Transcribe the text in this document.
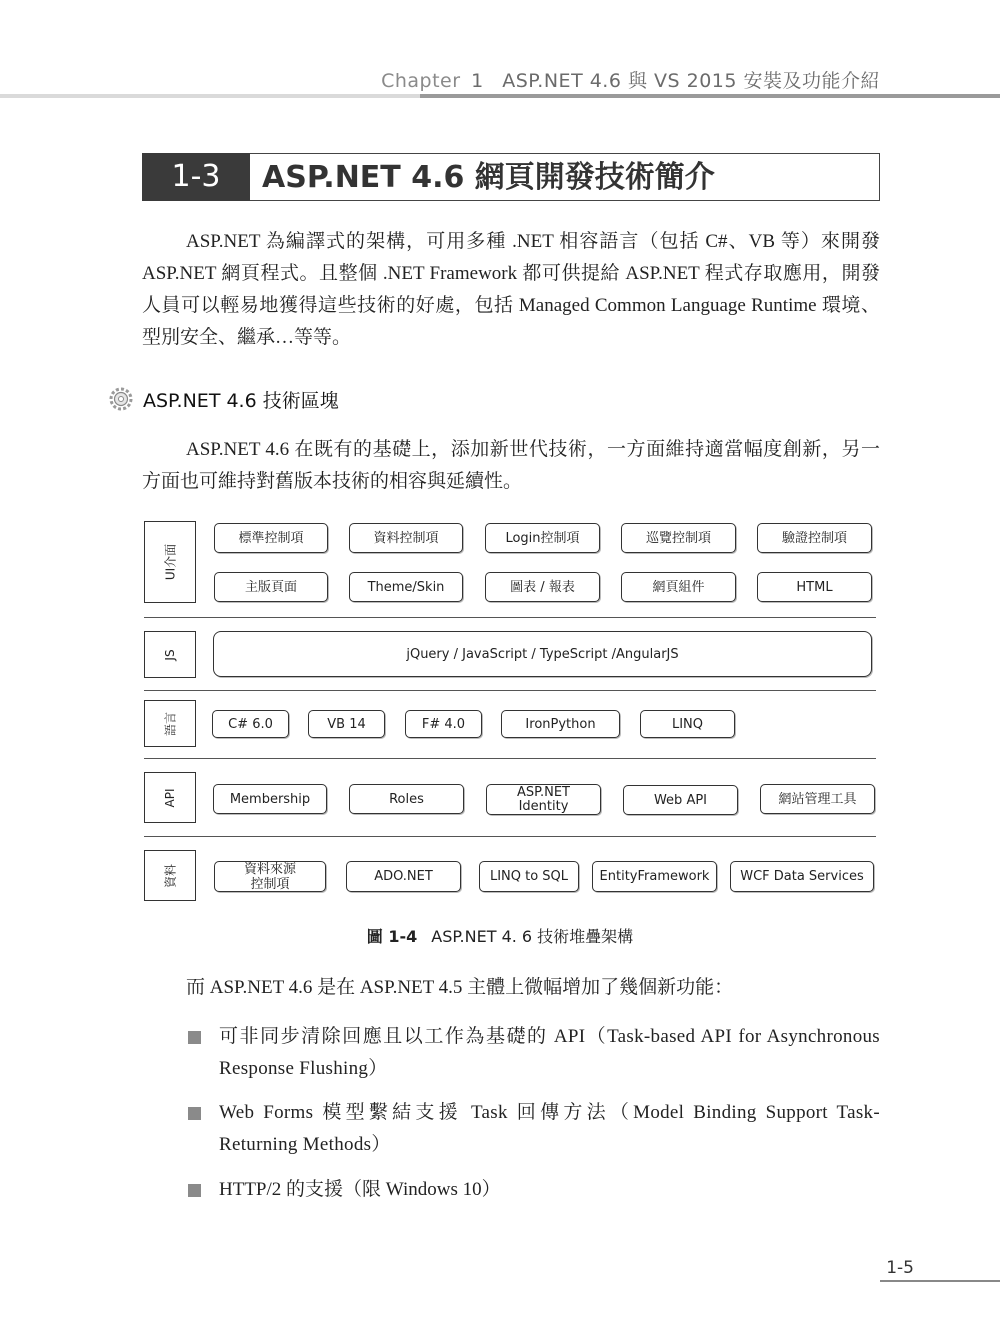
Chapter 1 ASP.NET 4.6 與 VS 2015 安裝及功能介紹
1-3	ASP.NET 4.6 網頁開發技術簡介
ASP.NET 為編譯式的架構，可用多種 .NET 相容語言（包括 C#、VB 等）來開發 ASP.NET 網頁程式。且整個 .NET Framework 都可供提給 ASP.NET 程式存取應用，開發人員可以輕易地獲得這些技術的好處，包括 Managed Common Language Runtime 環境、型別安全、繼承…等等。
ASP.NET 4.6 技術區塊
ASP.NET 4.6 在既有的基礎上，添加新世代技術，一方面維持適當幅度創新，另一方面也可維持對舊版本技術的相容與延續性。
UI介面
標準控制項	資料控制項	Login控制項	巡覽控制項	驗證控制項
主版頁面	Theme/Skin	圖表 / 報表	網頁組件	HTML
JS	jQuery / JavaScript / TypeScript /AngularJS
語言	C# 6.0	VB 14	F# 4.0	IronPython	LINQ
API	Membership	Roles	ASP.NET Identity	Web API	網站管理工具
資料	資料來源 控制項	ADO.NET	LINQ to SQL	EntityFramework	WCF Data Services
圖 1-4 ASP.NET 4. 6 技術堆疊架構
而 ASP.NET 4.6 是在 ASP.NET 4.5 主體上微幅增加了幾個新功能：
可非同步清除回應且以工作為基礎的 API（Task-based API for Asynchronous Response Flushing）
Web Forms 模型繫結支援 Task 回傳方法（Model Binding Support Task-Returning Methods）
HTTP/2 的支援（限 Windows 10）
1-5
